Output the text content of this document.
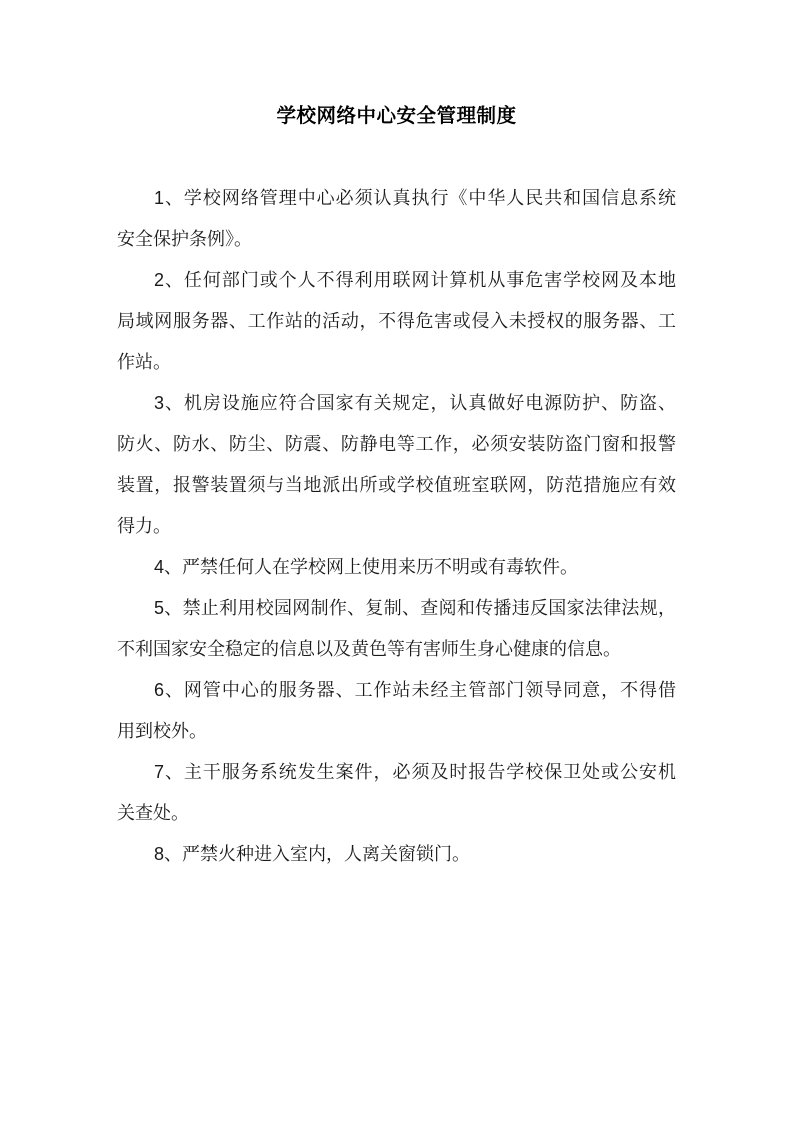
学校网络中心安全管理制度

1、学校网络管理中心必须认真执行《中华人民共和国信息系统
安全保护条例》。

2、任何部门或个人不得利用联网计算机从事危害学校网及本地
局域网服务器、工作站的活动，不得危害或侵入未授权的服务器、工
作站。

3、机房设施应符合国家有关规定，认真做好电源防护、防盗、
防火、防水、防尘、防震、防静电等工作，必须安装防盗门窗和报警
装置，报警装置须与当地派出所或学校值班室联网，防范措施应有效
得力。

4、严禁任何人在学校网上使用来历不明或有毒软件。

5、禁止利用校园网制作、复制、查阅和传播违反国家法律法规，
不利国家安全稳定的信息以及黄色等有害师生身心健康的信息。

6、网管中心的服务器、工作站未经主管部门领导同意，不得借
用到校外。

7、主干服务系统发生案件，必须及时报告学校保卫处或公安机
关查处。

8、严禁火种进入室内，人离关窗锁门。
